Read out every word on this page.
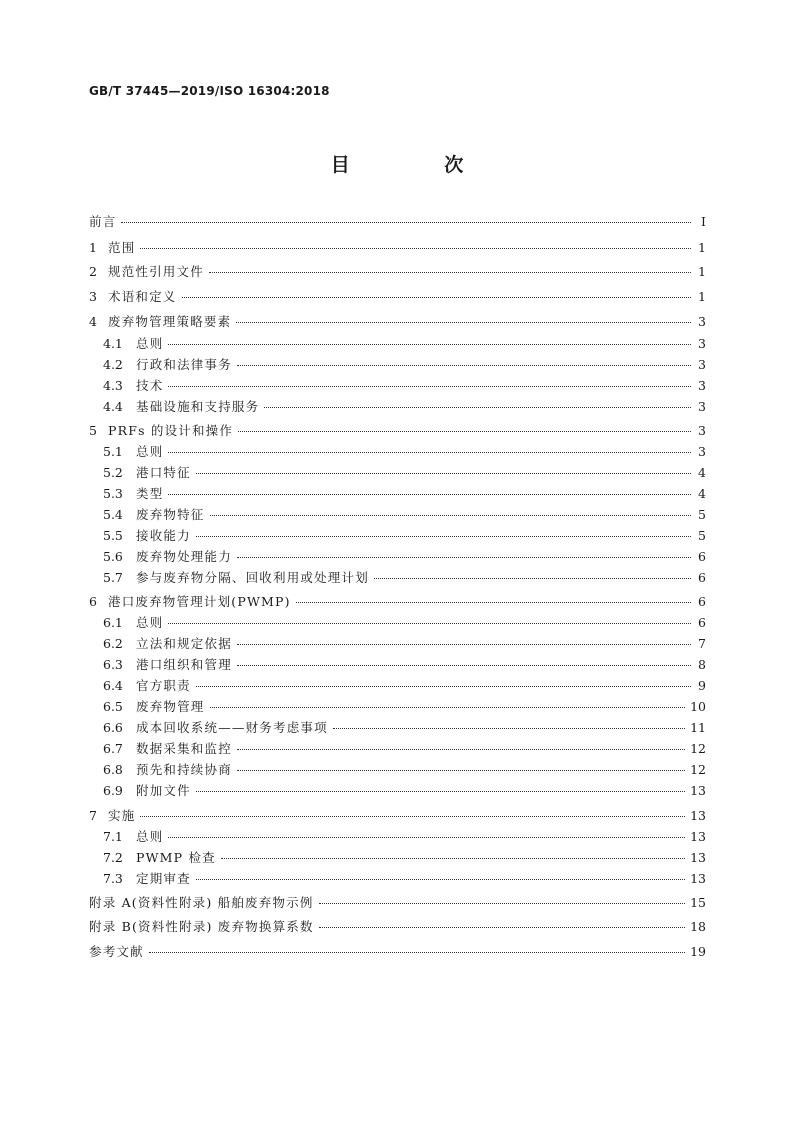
GB/T 37445—2019/ISO 16304:2018
目 次
前言	Ⅰ
1 范围	1
2 规范性引用文件	1
3 术语和定义	1
4 废弃物管理策略要素	3
4.1	总则	3
4.2	行政和法律事务	3
4.3	技术	3
4.4	基础设施和支持服务	3
5 PRFs 的设计和操作	3
5.1	总则	3
5.2	港口特征	4
5.3	类型	4
5.4	废弃物特征	5
5.5	接收能力	5
5.6	废弃物处理能力	6
5.7	参与废弃物分隔、回收利用或处理计划	6
6 港口废弃物管理计划(PWMP)	6
6.1	总则	6
6.2	立法和规定依据	7
6.3	港口组织和管理	8
6.4	官方职责	9
6.5	废弃物管理	10
6.6	成本回收系统——财务考虑事项	11
6.7	数据采集和监控	12
6.8	预先和持续协商	12
6.9	附加文件	13
7 实施	13
7.1	总则	13
7.2	PWMP 检查	13
7.3	定期审查	13
附录 A(资料性附录) 船舶废弃物示例	15
附录 B(资料性附录) 废弃物换算系数	18
参考文献	19
